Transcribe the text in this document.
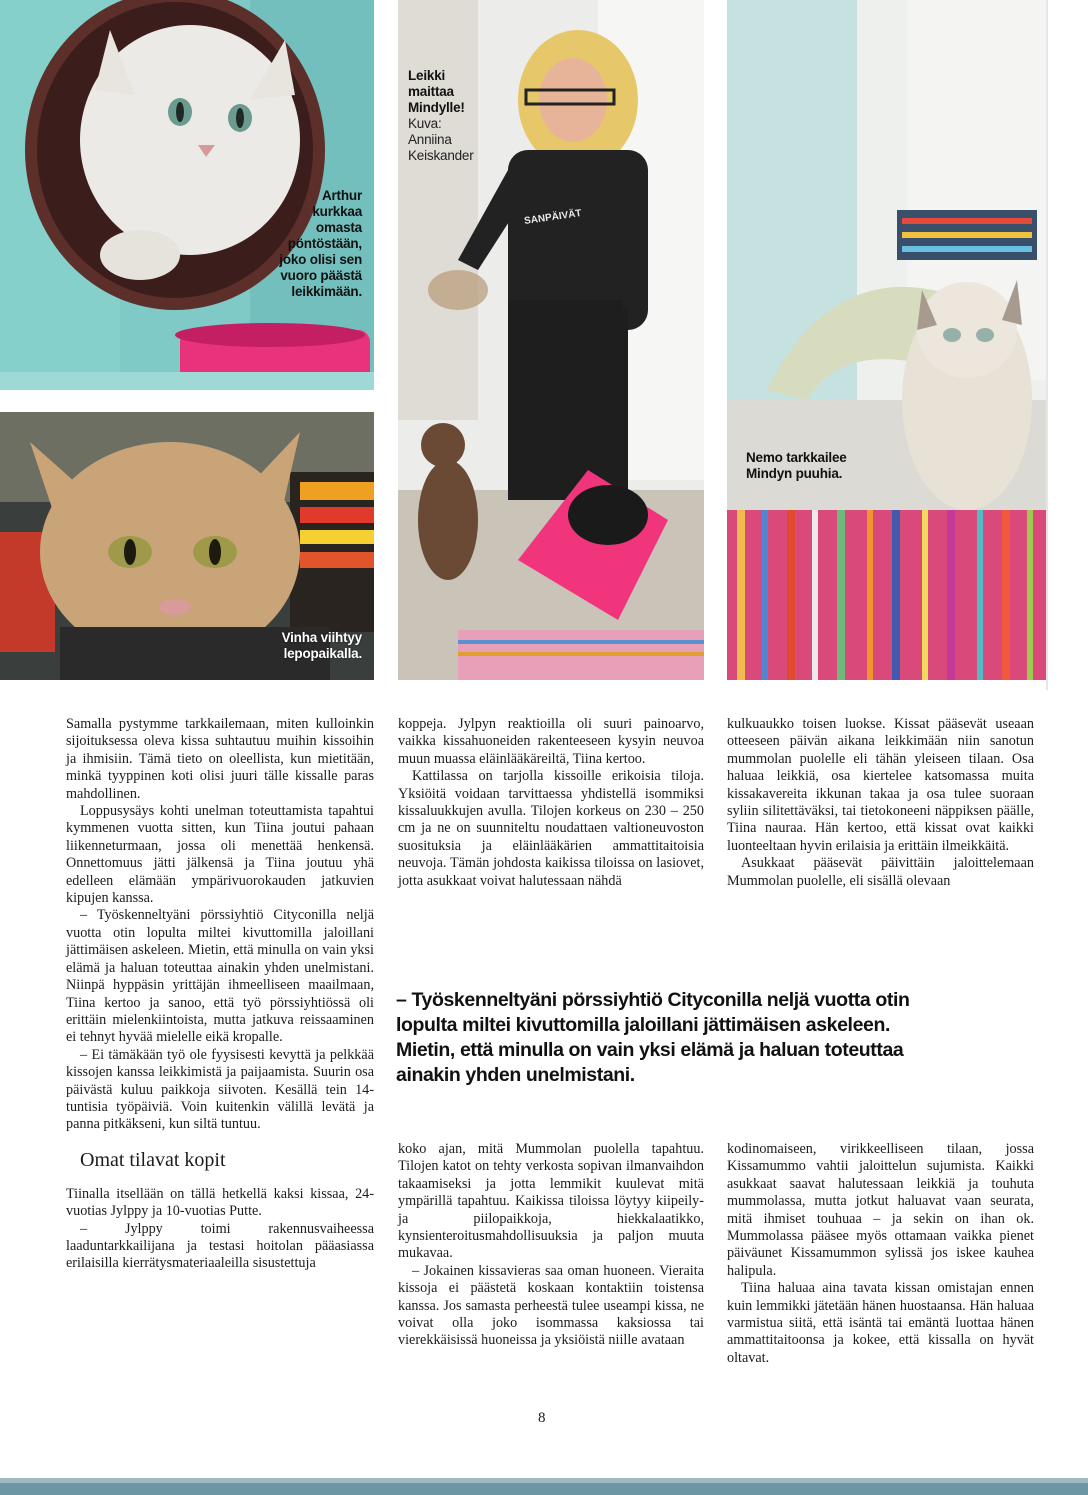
Arthur
kurkkaa
omasta
pöntöstään,
joko olisi sen
vuoro päästä
leikkimään.
Vinha viihtyy
lepopaikalla.
SANPÄIVÄT
Leikki
maittaa
Mindylle!
Kuva:
Anniina
Keiskander
Nemo tarkkailee
Mindyn puuhia.

Samalla pystymme tarkkailemaan, miten kulloinkin sijoituksessa oleva kissa suhtautuu muihin kissoihin ja ihmisiin. Tämä tieto on oleellista, kun mietitään, minkä tyyppinen koti olisi juuri tälle kissalle paras mahdollinen.

Loppusysäys kohti unelman toteuttamista tapahtui kymmenen vuotta sitten, kun Tiina joutui pahaan liikenneturmaan, jossa oli menettää henkensä. Onnettomuus jätti jälkensä ja Tiina joutuu yhä edelleen elämään ympärivuorokauden jatkuvien kipujen kanssa.

– Työskenneltyäni pörssiyhtiö Cityconilla neljä vuotta otin lopulta miltei kivuttomilla jaloillani jättimäisen askeleen. Mietin, että minulla on vain yksi elämä ja haluan toteuttaa ainakin yhden unelmistani. Niinpä hyppäsin yrittäjän ihmeelliseen maailmaan, Tiina kertoo ja sanoo, että työ pörssiyhtiössä oli erittäin mielenkiintoista, mutta jatkuva reissaaminen ei tehnyt hyvää mielelle eikä kropalle.

– Ei tämäkään työ ole fyysisesti kevyttä ja pelkkää kissojen kanssa leikkimistä ja paijaamista. Suurin osa päivästä kuluu paikkoja siivoten. Kesällä tein 14-tuntisia työpäiviä. Voin kuitenkin välillä levätä ja panna pitkäkseni, kun siltä tuntuu.

Omat tilavat kopit

Tiinalla itsellään on tällä hetkellä kaksi kissaa, 24-vuotias Jylppy ja 10-vuotias Putte.

– Jylppy toimi rakennusvaiheessa laaduntarkkailijana ja testasi hoitolan pääasiassa erilaisilla kierrätysmateriaaleilla sisustettuja

koppeja. Jylpyn reaktioilla oli suuri painoarvo, vaikka kissahuoneiden rakenteeseen kysyin neuvoa muun muassa eläinlääkäreiltä, Tiina kertoo.

Kattilassa on tarjolla kissoille erikoisia tiloja. Yksiöitä voidaan tarvittaessa yhdistellä isommiksi kissaluukkujen avulla. Tilojen korkeus on 230 – 250 cm ja ne on suunniteltu noudattaen valtioneuvoston suosituksia ja eläinlääkärien ammattitaitoisia neuvoja. Tämän johdosta kaikissa tiloissa on lasiovet, jotta asukkaat voivat halutessaan nähdä

kulkuaukko toisen luokse. Kissat pääsevät useaan otteeseen päivän aikana leikkimään niin sanotun mummolan puolelle eli tähän yleiseen tilaan. Osa haluaa leikkiä, osa kiertelee katsomassa muita kissakavereita ikkunan takaa ja osa tulee suoraan syliin silitettäväksi, tai tietokoneeni näppiksen päälle, Tiina nauraa. Hän kertoo, että kissat ovat kaikki luonteeltaan hyvin erilaisia ja erittäin ilmeikkäitä.

Asukkaat pääsevät päivittäin jaloittelemaan Mummolan puolelle, eli sisällä olevaan

– Työskenneltyäni pörssiyhtiö Cityconilla neljä vuotta otin lopulta miltei kivuttomilla jaloillani jättimäisen askeleen. Mietin, että minulla on vain yksi elämä ja haluan toteuttaa ainakin yhden unelmistani.

koko ajan, mitä Mummolan puolella tapahtuu. Tilojen katot on tehty verkosta sopivan ilmanvaihdon takaamiseksi ja jotta lemmikit kuulevat mitä ympärillä tapahtuu. Kaikissa tiloissa löytyy kiipeily- ja piilopaikkoja, hiekkalaatikko, kynsienteroitusmahdollisuuksia ja paljon muuta mukavaa.

– Jokainen kissavieras saa oman huoneen. Vieraita kissoja ei päästetä koskaan kontaktiin toistensa kanssa. Jos samasta perheestä tulee useampi kissa, ne voivat olla joko isommassa kaksiossa tai vierekkäisissä huoneissa ja yksiöistä niille avataan

kodinomaiseen, virikkeelliseen tilaan, jossa Kissamummo vahtii jaloittelun sujumista. Kaikki asukkaat saavat halutessaan leikkiä ja touhuta mummolassa, mutta jotkut haluavat vaan seurata, mitä ihmiset touhuaa – ja sekin on ihan ok. Mummolassa pääsee myös ottamaan vaikka pienet päiväunet Kissamummon sylissä jos iskee kauhea halipula.

Tiina haluaa aina tavata kissan omistajan ennen kuin lemmikki jätetään hänen huostaansa. Hän haluaa varmistua siitä, että isäntä tai emäntä luottaa hänen ammattitaitoonsa ja kokee, että kissalla on hyvät oltavat.

8
